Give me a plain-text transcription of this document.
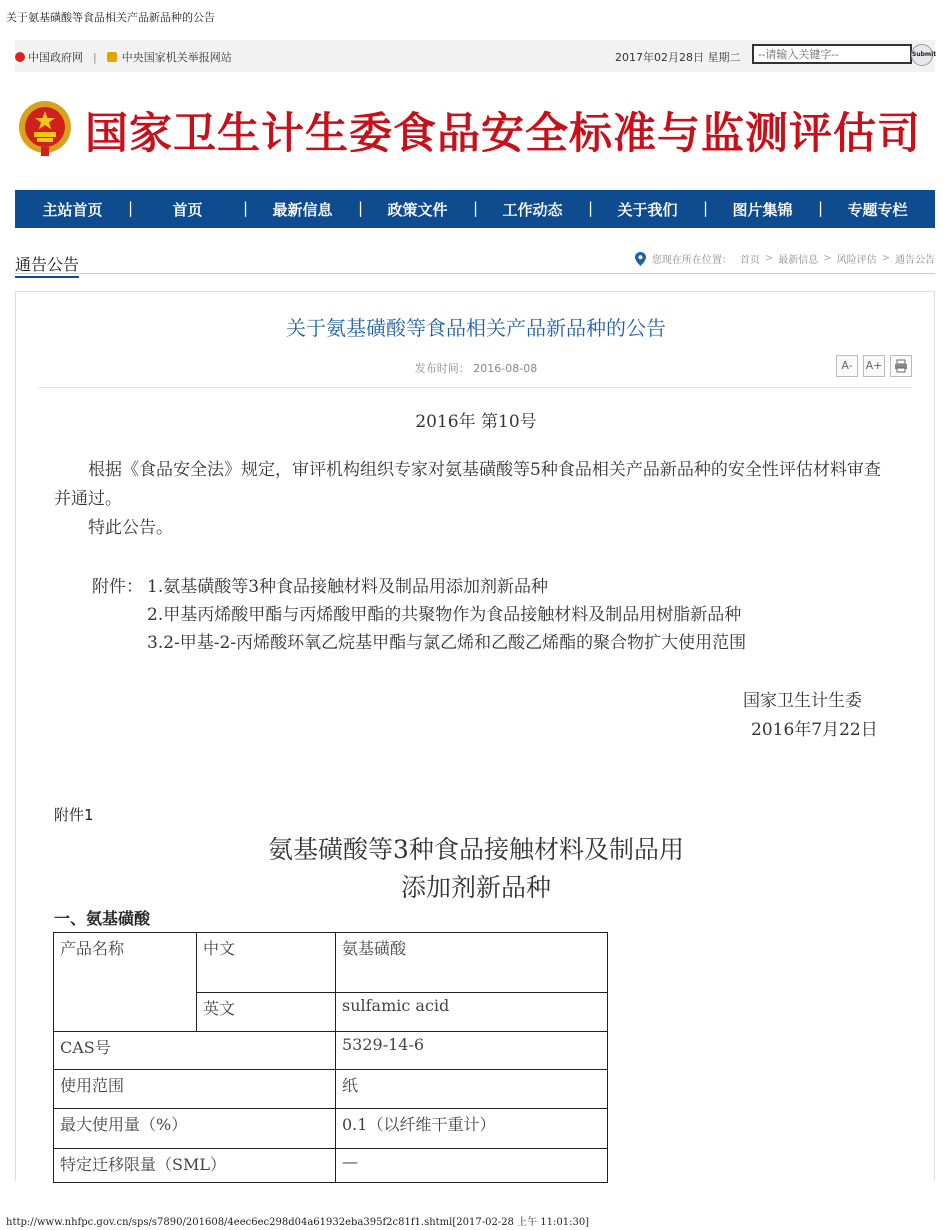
关于氨基磺酸等食品相关产品新品种的公告
中国政府网 | 中央国家机关举报网站	2017年02月28日 星期二	--请输入关键字--	Submit
国家卫生计生委食品安全标准与监测评估司
主站首页	| 首页	| 最新信息	| 政策文件	| 工作动态	| 关于我们	| 图片集锦	| 专题专栏
通告公告	您现在所在位置： 首页 > 最新信息 > 风险评估 > 通告公告
关于氨基磺酸等食品相关产品新品种的公告
发布时间： 2016-08-08	A-	A+
2016年 第10号
根据《食品安全法》规定，审评机构组织专家对氨基磺酸等5种食品相关产品新品种的安全性评估材料审查并通过。
特此公告。
附件： 1.氨基磺酸等3种食品接触材料及制品用添加剂新品种
2.甲基丙烯酸甲酯与丙烯酸甲酯的共聚物作为食品接触材料及制品用树脂新品种
3.2-甲基-2-丙烯酸环氧乙烷基甲酯与氯乙烯和乙酸乙烯酯的聚合物扩大使用范围
国家卫生计生委
2016年7月22日
附件1
氨基磺酸等3种食品接触材料及制品用
添加剂新品种
一、氨基磺酸
产品名称	中文	氨基磺酸
	英文	sulfamic acid
CAS号		5329-14-6
使用范围		纸
最大使用量（%）		0.1（以纤维干重计）
特定迁移限量（SML）		—
http://www.nhfpc.gov.cn/sps/s7890/201608/4eec6ec298d04a61932eba395f2c81f1.shtml[2017-02-28 上午 11:01:30]
